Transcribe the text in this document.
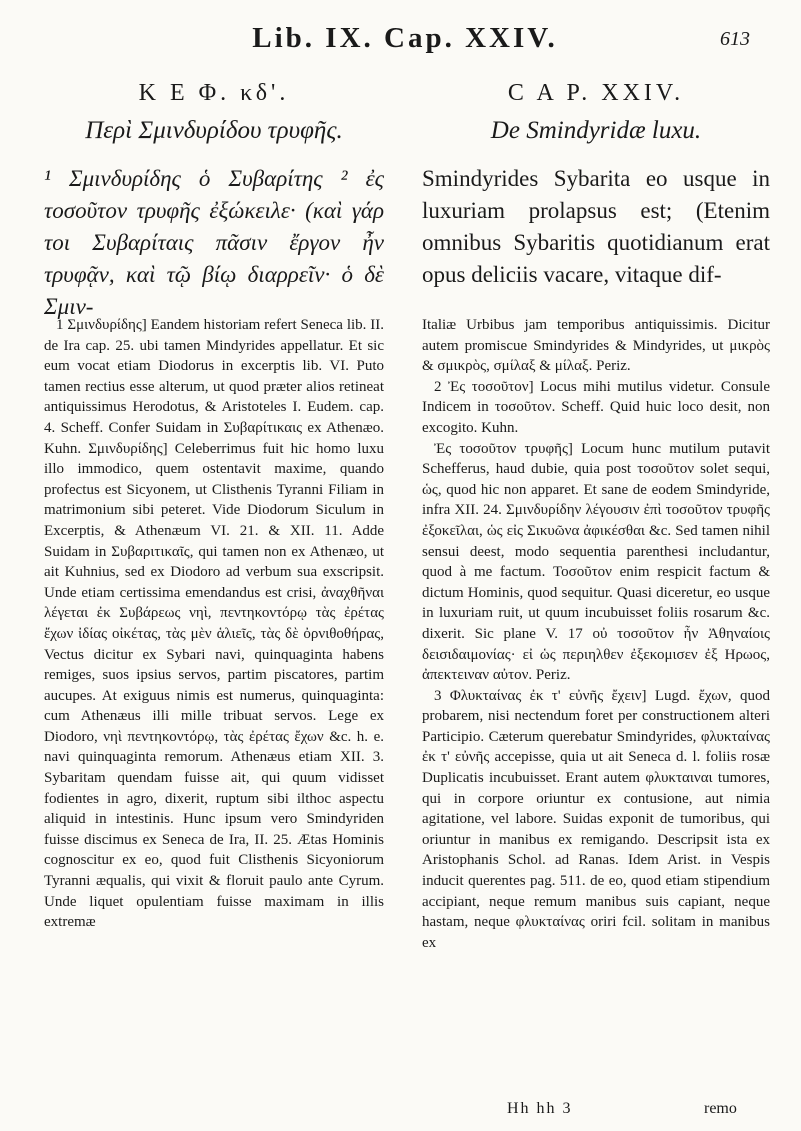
Lib. IX. Cap. XXIV.	613

Κ Ε Φ. κδ'.

Περὶ Σμινδυρίδου τρυφῆς.

¹ Σμινδυρίδης ὁ Συβαρίτης ² ἐς τοσοῦτον τρυφῆς ἐξώκειλε· (καὶ γάρ τοι Συβαρίταις πᾶσιν ἔργον ἦν τρυφᾷν, καὶ τῷ βίῳ διαρρεῖν· ὁ δὲ Σμιν-

C A P. XXIV.

De Smindyridæ luxu.

Smindyrides Sybarita eo usque in luxuriam prolapsus est; (Etenim omnibus Sybaritis quotidianum erat opus deliciis vacare, vitaque dif-

1 Σμινδυρίδης] Eandem historiam refert Seneca lib. II. de Ira cap. 25. ubi tamen Mindyrides appellatur. Et sic eum vocat etiam Diodorus in excerptis lib. VI. Puto tamen rectius esse alterum, ut quod præter alios retineat antiquissimus Herodotus, & Aristoteles I. Eudem. cap. 4. Scheff. Confer Suidam in Συβαρίτικαις ex Athenæo. Kuhn. Σμινδυρίδης] Celeberrimus fuit hic homo luxu illo immodico, quem ostentavit maxime, quando profectus est Sicyonem, ut Clisthenis Tyranni Filiam in matrimonium sibi peteret. Vide Diodorum Siculum in Excerptis, & Athenæum VI. 21. & XII. 11. Adde Suidam in Συβαριτικαῖς, qui tamen non ex Athenæo, ut ait Kuhnius, sed ex Diodoro ad verbum sua exscripsit. Unde etiam certissima emendandus est crisi, ἀναχθῆναι λέγεται ἐκ Συβάρεως νηὶ, πεντηκοντόρῳ τὰς ἐρέτας ἔχων ἰδίας οἰκέτας, τὰς μὲν ἁλιεῖς, τὰς δὲ ὀρνιθοθήρας, Vectus dicitur ex Sybari navi, quinquaginta habens remiges, suos ipsius servos, partim piscatores, partim aucupes. At exiguus nimis est numerus, quinquaginta: cum Athenæus illi mille tribuat servos. Lege ex Diodoro, νηὶ πεντηκοντόρῳ, τὰς ἐρέτας ἔχων &c. h. e. navi quinquaginta remorum. Athenæus etiam XII. 3. Sybaritam quendam fuisse ait, qui quum vidisset fodientes in agro, dixerit, ruptum sibi ilthoc aspectu aliquid in intestinis. Hunc ipsum vero Smindyriden fuisse discimus ex Seneca de Ira, II. 25. Ætas Hominis cognoscitur ex eo, quod fuit Clisthenis Sicyoniorum Tyranni æqualis, qui vixit & floruit paulo ante Cyrum. Unde liquet opulentiam fuisse maximam in illis extremæ

Italiæ Urbibus jam temporibus antiquissimis. Dicitur autem promiscue Smindyrides & Mindyrides, ut μικρὸς & σμικρὸς, σμίλαξ & μίλαξ. Periz.

2 Ἐς τοσοῦτον] Locus mihi mutilus videtur. Consule Indicem in τοσοῦτον. Scheff. Quid huic loco desit, non excogito. Kuhn.

Ἐς τοσοῦτον τρυφῆς] Locum hunc mutilum putavit Schefferus, haud dubie, quia post τοσοῦτον solet sequi, ὡς, quod hic non apparet. Et sane de eodem Smindyride, infra XII. 24. Σμινδυρίδην λέγουσιν ἐπὶ τοσοῦτον τρυφῆς ἐξοκεῖλαι, ὡς εἰς Σικυῶνα ἀφικέσθαι &c. Sed tamen nihil sensui deest, modo sequentia parenthesi includantur, quod à me factum. Τοσοῦτον enim respicit factum & dictum Hominis, quod sequitur. Quasi diceretur, eo usque in luxuriam ruit, ut quum incubuisset foliis rosarum &c. dixerit. Sic plane V. 17 οὐ τοσοῦτον ἦν Ἀθηναίοις δεισιδαιμονίας· εἰ ὡς περιηλθεν ἐξεκομισεν ἐξ Ηρωος, ἀπεκτειναν αὐτον. Periz.

3 Φλυκταίνας ἐκ τ' εὐνῆς ἔχειν] Lugd. ἔχων, quod probarem, nisi nectendum foret per constructionem alteri Participio. Cæterum querebatur Smindyrides, φλυκταίνας ἐκ τ' εὐνῆς accepisse, quia ut ait Seneca d. l. foliis rosæ Duplicatis incubuisset. Erant autem φλυκταιναι tumores, qui in corpore oriuntur ex contusione, aut nimia agitatione, vel labore. Suidas exponit de tumoribus, qui oriuntur in manibus ex remigando. Descripsit ista ex Aristophanis Schol. ad Ranas. Idem Arist. in Vespis inducit querentes pag. 511. de eo, quod etiam stipendium accipiant, neque remum manibus suis capiant, neque hastam, neque φλυκταίνας oriri fcil. solitam in manibus ex

Hh hh 3	remo
